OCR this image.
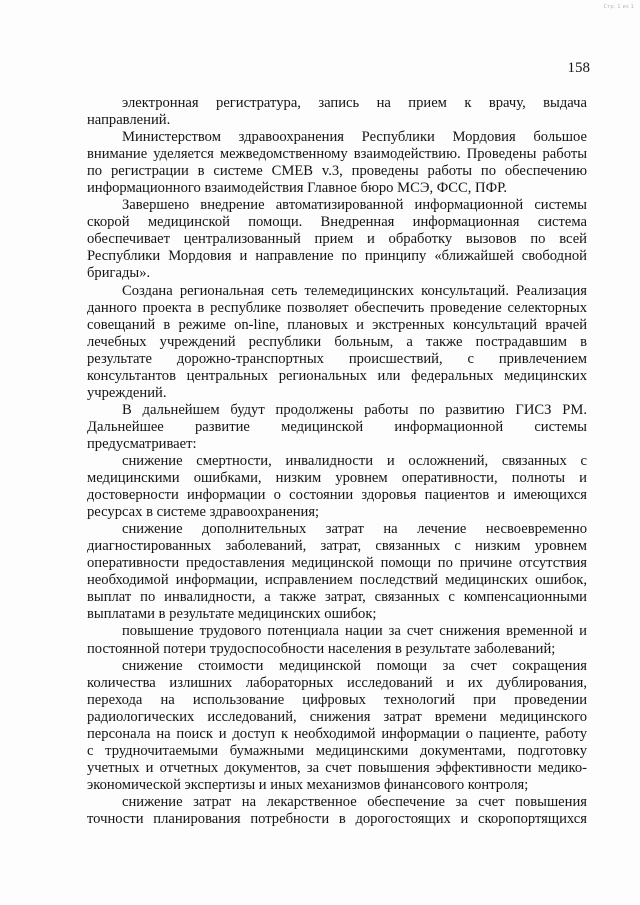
Стр. 1 из 1
158

электронная регистратура, запись на прием к врачу, выдача

направлений.

Министерством здравоохранения Республики Мордовия большое

внимание уделяется межведомственному взаимодействию. Проведены работы

по регистрации в системе СМЕВ v.3, проведены работы по обеспечению

информационного взаимодействия Главное бюро МСЭ, ФСС, ПФР.

Завершено внедрение автоматизированной информационной системы

скорой медицинской помощи. Внедренная информационная система

обеспечивает централизованный прием и обработку вызовов по всей

Республики Мордовия и направление по принципу «ближайшей свободной

бригады».

Создана региональная сеть телемедицинских консультаций. Реализация

данного проекта в республике позволяет обеспечить проведение селекторных

совещаний в режиме on-line, плановых и экстренных консультаций врачей

лечебных учреждений республики больным, а также пострадавшим в

результате дорожно-транспортных происшествий, с привлечением

консультантов центральных региональных или федеральных медицинских

учреждений.

В дальнейшем будут продолжены работы по развитию ГИСЗ РМ.

Дальнейшее развитие медицинской информационной системы

предусматривает:

снижение смертности, инвалидности и осложнений, связанных с

медицинскими ошибками, низким уровнем оперативности, полноты и

достоверности информации о состоянии здоровья пациентов и имеющихся

ресурсах в системе здравоохранения;

снижение дополнительных затрат на лечение несвоевременно

диагностированных заболеваний, затрат, связанных с низким уровнем

оперативности предоставления медицинской помощи по причине отсутствия

необходимой информации, исправлением последствий медицинских ошибок,

выплат по инвалидности, а также затрат, связанных с компенсационными

выплатами в результате медицинских ошибок;

повышение трудового потенциала нации за счет снижения временной и

постоянной потери трудоспособности населения в результате заболеваний;

снижение стоимости медицинской помощи за счет сокращения

количества излишних лабораторных исследований и их дублирования,

перехода на использование цифровых технологий при проведении

радиологических исследований, снижения затрат времени медицинского

персонала на поиск и доступ к необходимой информации о пациенте, работу

с трудночитаемыми бумажными медицинскими документами, подготовку

учетных и отчетных документов, за счет повышения эффективности медико-

экономической экспертизы и иных механизмов финансового контроля;

снижение затрат на лекарственное обеспечение за счет повышения

точности планирования потребности в дорогостоящих и скоропортящихся
